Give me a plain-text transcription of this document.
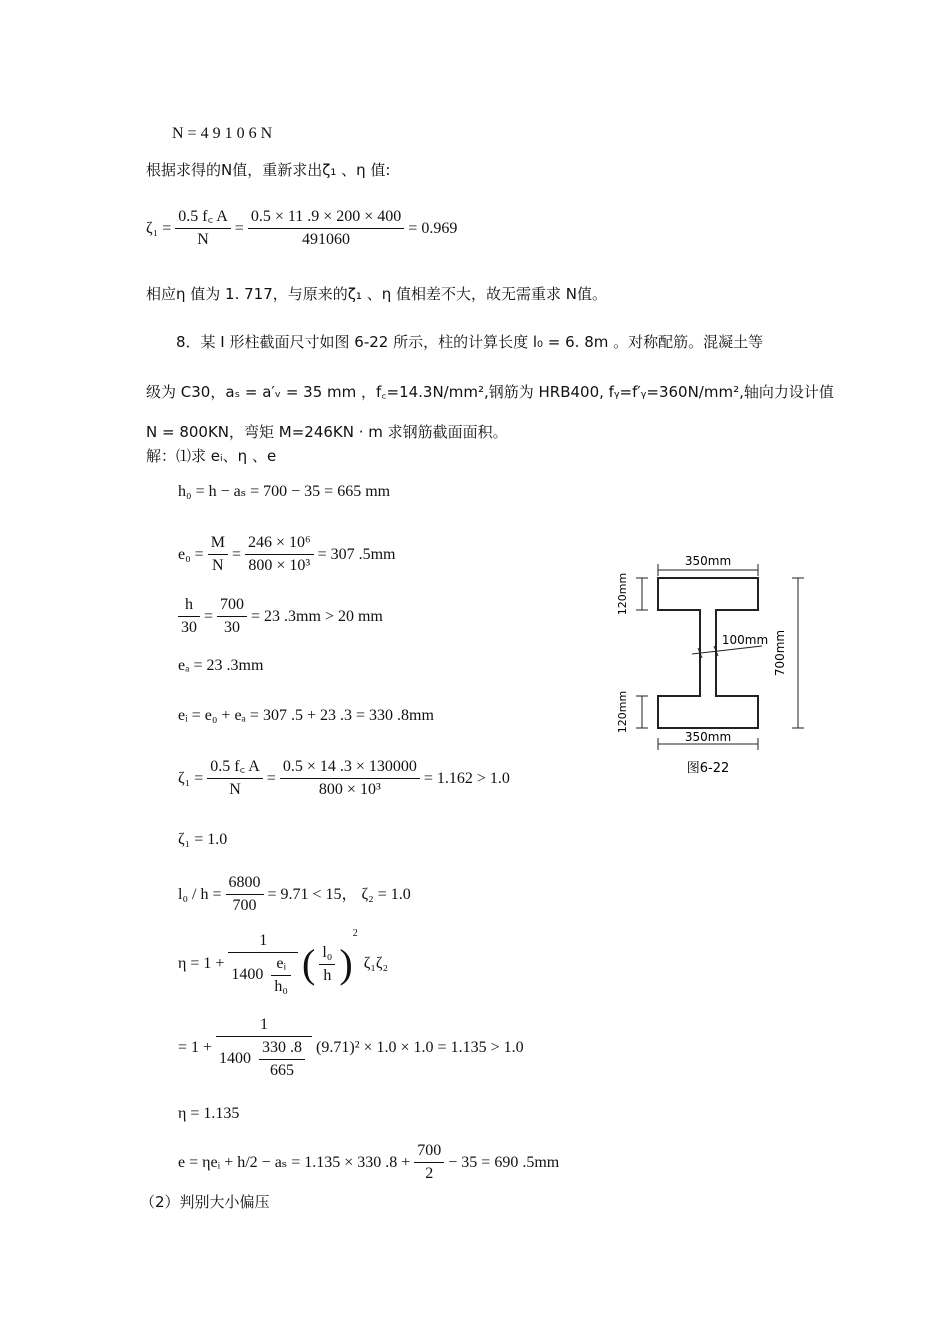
N = 4 9 1 0 6 N
根据求得的N值，重新求出ζ₁ 、η 值:
$\zeta_1 = \frac{0.5 f꜀ A}{N} = \frac{0.5 \times 11 .9 \times 200 \times 400}{491060} = 0.969$
相应η 值为 1. 717，与原来的ζ₁ 、η 值相差不大，故无需重求 N值。
8．某 I 形柱截面尺寸如图 6-22 所示，柱的计算长度 l₀ = 6. 8m 。对称配筋。混凝土等
级为 C30，aₛ = a′ᵥ = 35 mm ，f꜀=14.3N/mm²,钢筋为 HRB400, fᵧ=f′ᵧ=360N/mm²,轴向力设计值
N = 800KN，弯矩 M=246KN · m 求钢筋截面面积。
解：⑴求 eᵢ、η 、e
h₀ = h − aₛ = 700 − 35 = 665 mm
$e_0 = \frac{M}{N} = \frac{\text{246 × 10⁶}}{\text{800 × 10³}} = 307$ .5mm
$\frac{h}{30} = \frac{700}{30} = 23$ .3mm > 20 mm
eₐ = 23 .3mm
eᵢ = e₀ + eₐ = 307 .5 + 23 .3 = 330 .8mm
$\zeta_1 = \frac{0.5 f꜀ A}{N} = \frac{0.5 \times 14 .3 \times 130000}{\text{800 × 10³}} = 1.162 > 1.0$
ζ₁ = 1.0
$l_0 / h = \frac{6800}{700} = 9.71 < 15$， ζ₂ = 1.0
$\eta = 1 + \frac{1}{1400 \frac{\text{eᵢ}}{\text{h₀}}}$ ( $\frac{\text{l₀}}{h}$ )
2
ζ₁ζ₂
= $1 + \frac{1}{1400 \frac{330 .8}{665}} (9.71)^2 \times 1.0 \times 1.0 = 1.135 > 1.0$
η = 1.135
e = ηeᵢ + h/2 − aₛ = 1.135 × 330 $.8 + \frac{700}{2} - 35 = 690$ .5mm
（2）判别大小偏压
350mm
350mm
120mm
120mm
100mm 700mm
图6-22
